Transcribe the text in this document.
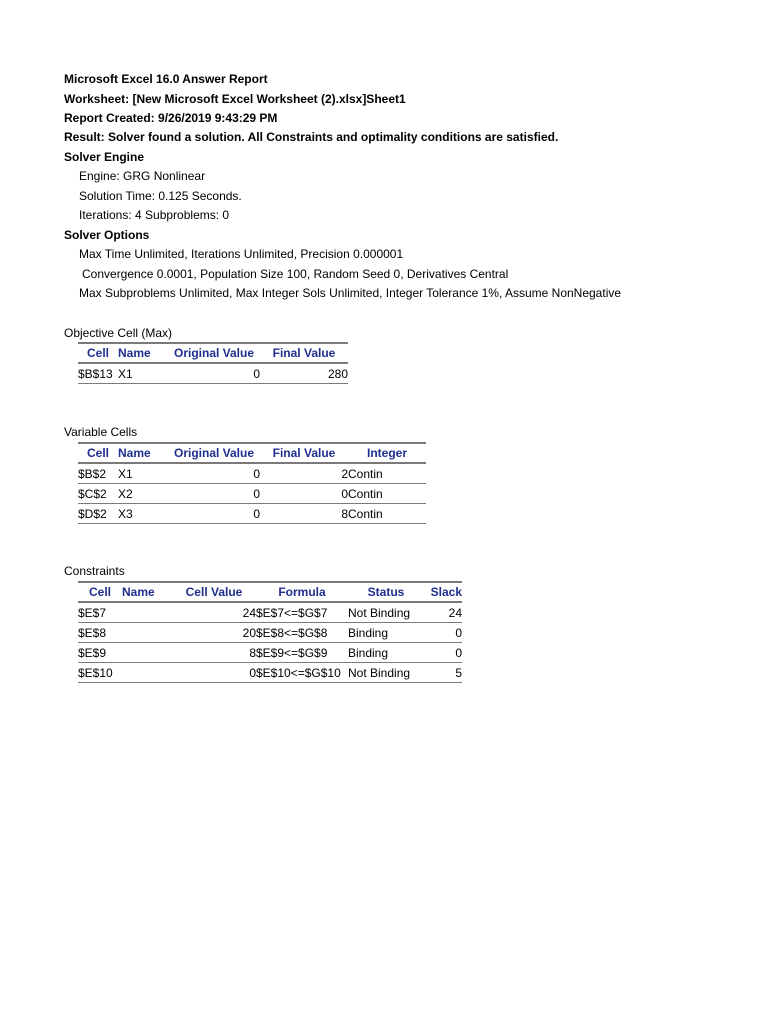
Microsoft Excel 16.0 Answer Report
Worksheet: [New Microsoft Excel Worksheet (2).xlsx]Sheet1
Report Created: 9/26/2019 9:43:29 PM
Result: Solver found a solution. All Constraints and optimality conditions are satisfied.
Solver Engine
Engine: GRG Nonlinear
Solution Time: 0.125 Seconds.
Iterations: 4 Subproblems: 0
Solver Options
Max Time Unlimited, Iterations Unlimited, Precision 0.000001
Convergence 0.0001, Population Size 100, Random Seed 0, Derivatives Central
Max Subproblems Unlimited, Max Integer Sols Unlimited, Integer Tolerance 1%, Assume NonNegative
Objective Cell (Max)
Cell	Name	Original Value	Final Value
$B$13	X1	0	280
Variable Cells
Cell	Name	Original Value	Final Value	Integer
$B$2	X1	0	2	Contin
$C$2	X2	0	0	Contin
$D$2	X3	0	8	Contin
Constraints
Cell	Name	Cell Value	Formula	Status	Slack
$E$7		24	$E$7<=$G$7	Not Binding	24
$E$8		20	$E$8<=$G$8	Binding	0
$E$9		8	$E$9<=$G$9	Binding	0
$E$10		0	$E$10<=$G$10	Not Binding	5
